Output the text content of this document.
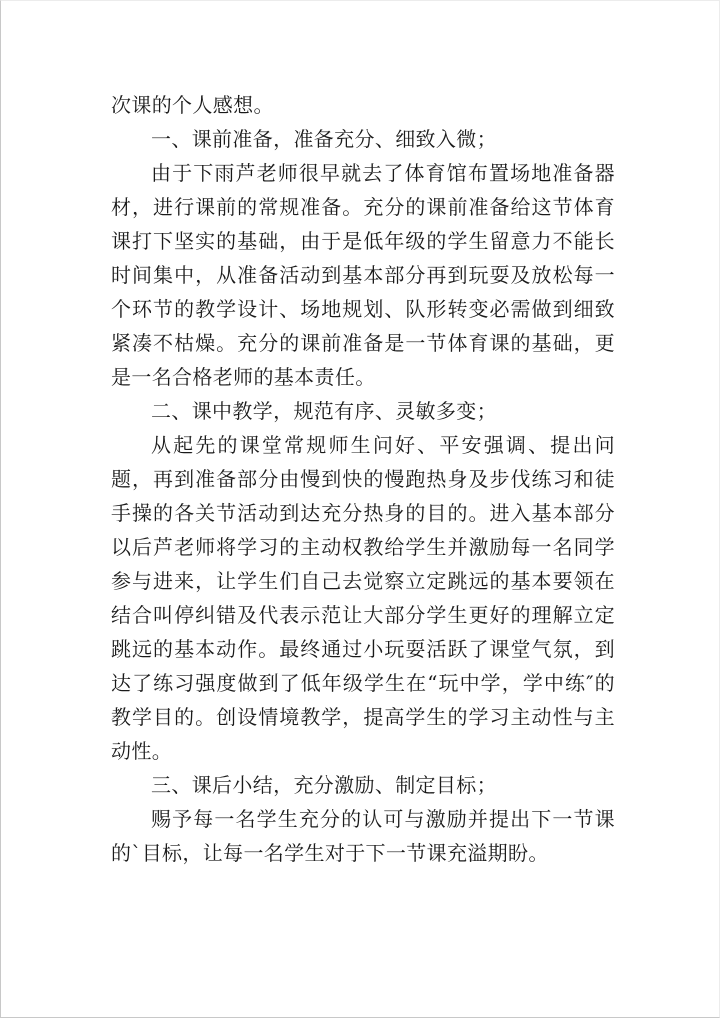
次课的个人感想。

一、课前准备，准备充分、细致入微；

由于下雨芦老师很早就去了体育馆布置场地准备器材，进行课前的常规准备。充分的课前准备给这节体育课打下坚实的基础，由于是低年级的学生留意力不能长时间集中，从准备活动到基本部分再到玩耍及放松每一个环节的教学设计、场地规划、队形转变必需做到细致紧凑不枯燥。充分的课前准备是一节体育课的基础，更是一名合格老师的基本责任。

二、课中教学，规范有序、灵敏多变；

从起先的课堂常规师生问好、平安强调、提出问题，再到准备部分由慢到快的慢跑热身及步伐练习和徒手操的各关节活动到达充分热身的目的。进入基本部分以后芦老师将学习的主动权教给学生并激励每一名同学参与进来，让学生们自己去觉察立定跳远的基本要领在结合叫停纠错及代表示范让大部分学生更好的理解立定跳远的基本动作。最终通过小玩耍活跃了课堂气氛，到达了练习强度做到了低年级学生在“玩中学，学中练″的教学目的。创设情境教学，提高学生的学习主动性与主动性。

三、课后小结，充分激励、制定目标；

赐予每一名学生充分的认可与激励并提出下一节课的`目标，让每一名学生对于下一节课充溢期盼。
